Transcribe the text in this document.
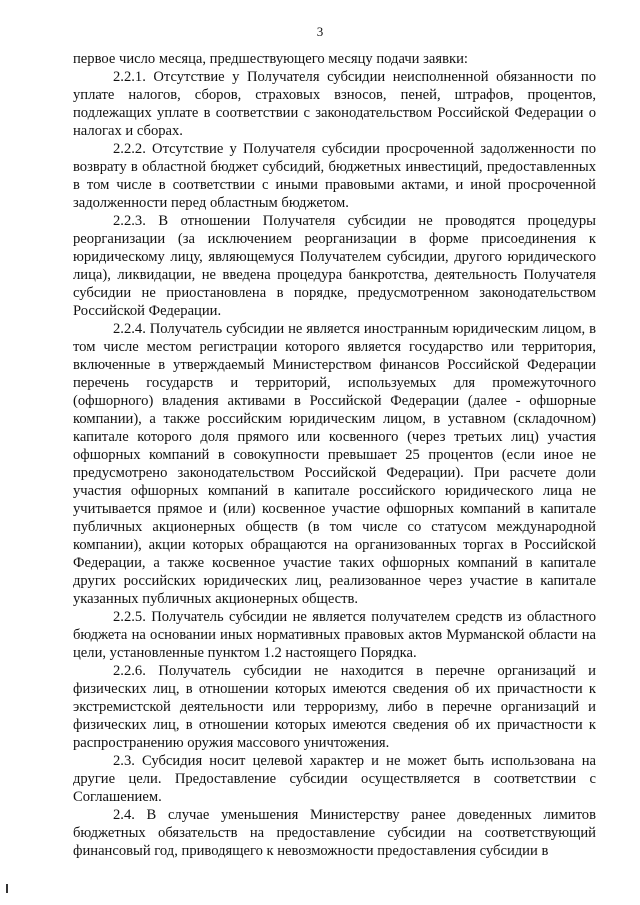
3

первое число месяца, предшествующего месяцу подачи заявки:

2.2.1. Отсутствие у Получателя субсидии неисполненной обязанности по уплате налогов, сборов, страховых взносов, пеней, штрафов, процентов, подлежащих уплате в соответствии с законодательством Российской Федерации о налогах и сборах.

2.2.2. Отсутствие у Получателя субсидии просроченной задолженности по возврату в областной бюджет субсидий, бюджетных инвестиций, предоставленных в том числе в соответствии с иными правовыми актами, и иной просроченной задолженности перед областным бюджетом.

2.2.3. В отношении Получателя субсидии не проводятся процедуры реорганизации (за исключением реорганизации в форме присоединения к юридическому лицу, являющемуся Получателем субсидии, другого юридического лица), ликвидации, не введена процедура банкротства, деятельность Получателя субсидии не приостановлена в порядке, предусмотренном законодательством Российской Федерации.

2.2.4. Получатель субсидии не является иностранным юридическим лицом, в том числе местом регистрации которого является государство или территория, включенные в утверждаемый Министерством финансов Российской Федерации перечень государств и территорий, используемых для промежуточного (офшорного) владения активами в Российской Федерации (далее - офшорные компании), а также российским юридическим лицом, в уставном (складочном) капитале которого доля прямого или косвенного (через третьих лиц) участия офшорных компаний в совокупности превышает 25 процентов (если иное не предусмотрено законодательством Российской Федерации). При расчете доли участия офшорных компаний в капитале российского юридического лица не учитывается прямое и (или) косвенное участие офшорных компаний в капитале публичных акционерных обществ (в том числе со статусом международной компании), акции которых обращаются на организованных торгах в Российской Федерации, а также косвенное участие таких офшорных компаний в капитале других российских юридических лиц, реализованное через участие в капитале указанных публичных акционерных обществ.

2.2.5. Получатель субсидии не является получателем средств из областного бюджета на основании иных нормативных правовых актов Мурманской области на цели, установленные пунктом 1.2 настоящего Порядка.

2.2.6. Получатель субсидии не находится в перечне организаций и физических лиц, в отношении которых имеются сведения об их причастности к экстремистской деятельности или терроризму, либо в перечне организаций и физических лиц, в отношении которых имеются сведения об их причастности к распространению оружия массового уничтожения.

2.3. Субсидия носит целевой характер и не может быть использована на другие цели. Предоставление субсидии осуществляется в соответствии с Соглашением.

2.4. В случае уменьшения Министерству ранее доведенных лимитов бюджетных обязательств на предоставление субсидии на соответствующий финансовый год, приводящего к невозможности предоставления субсидии в
